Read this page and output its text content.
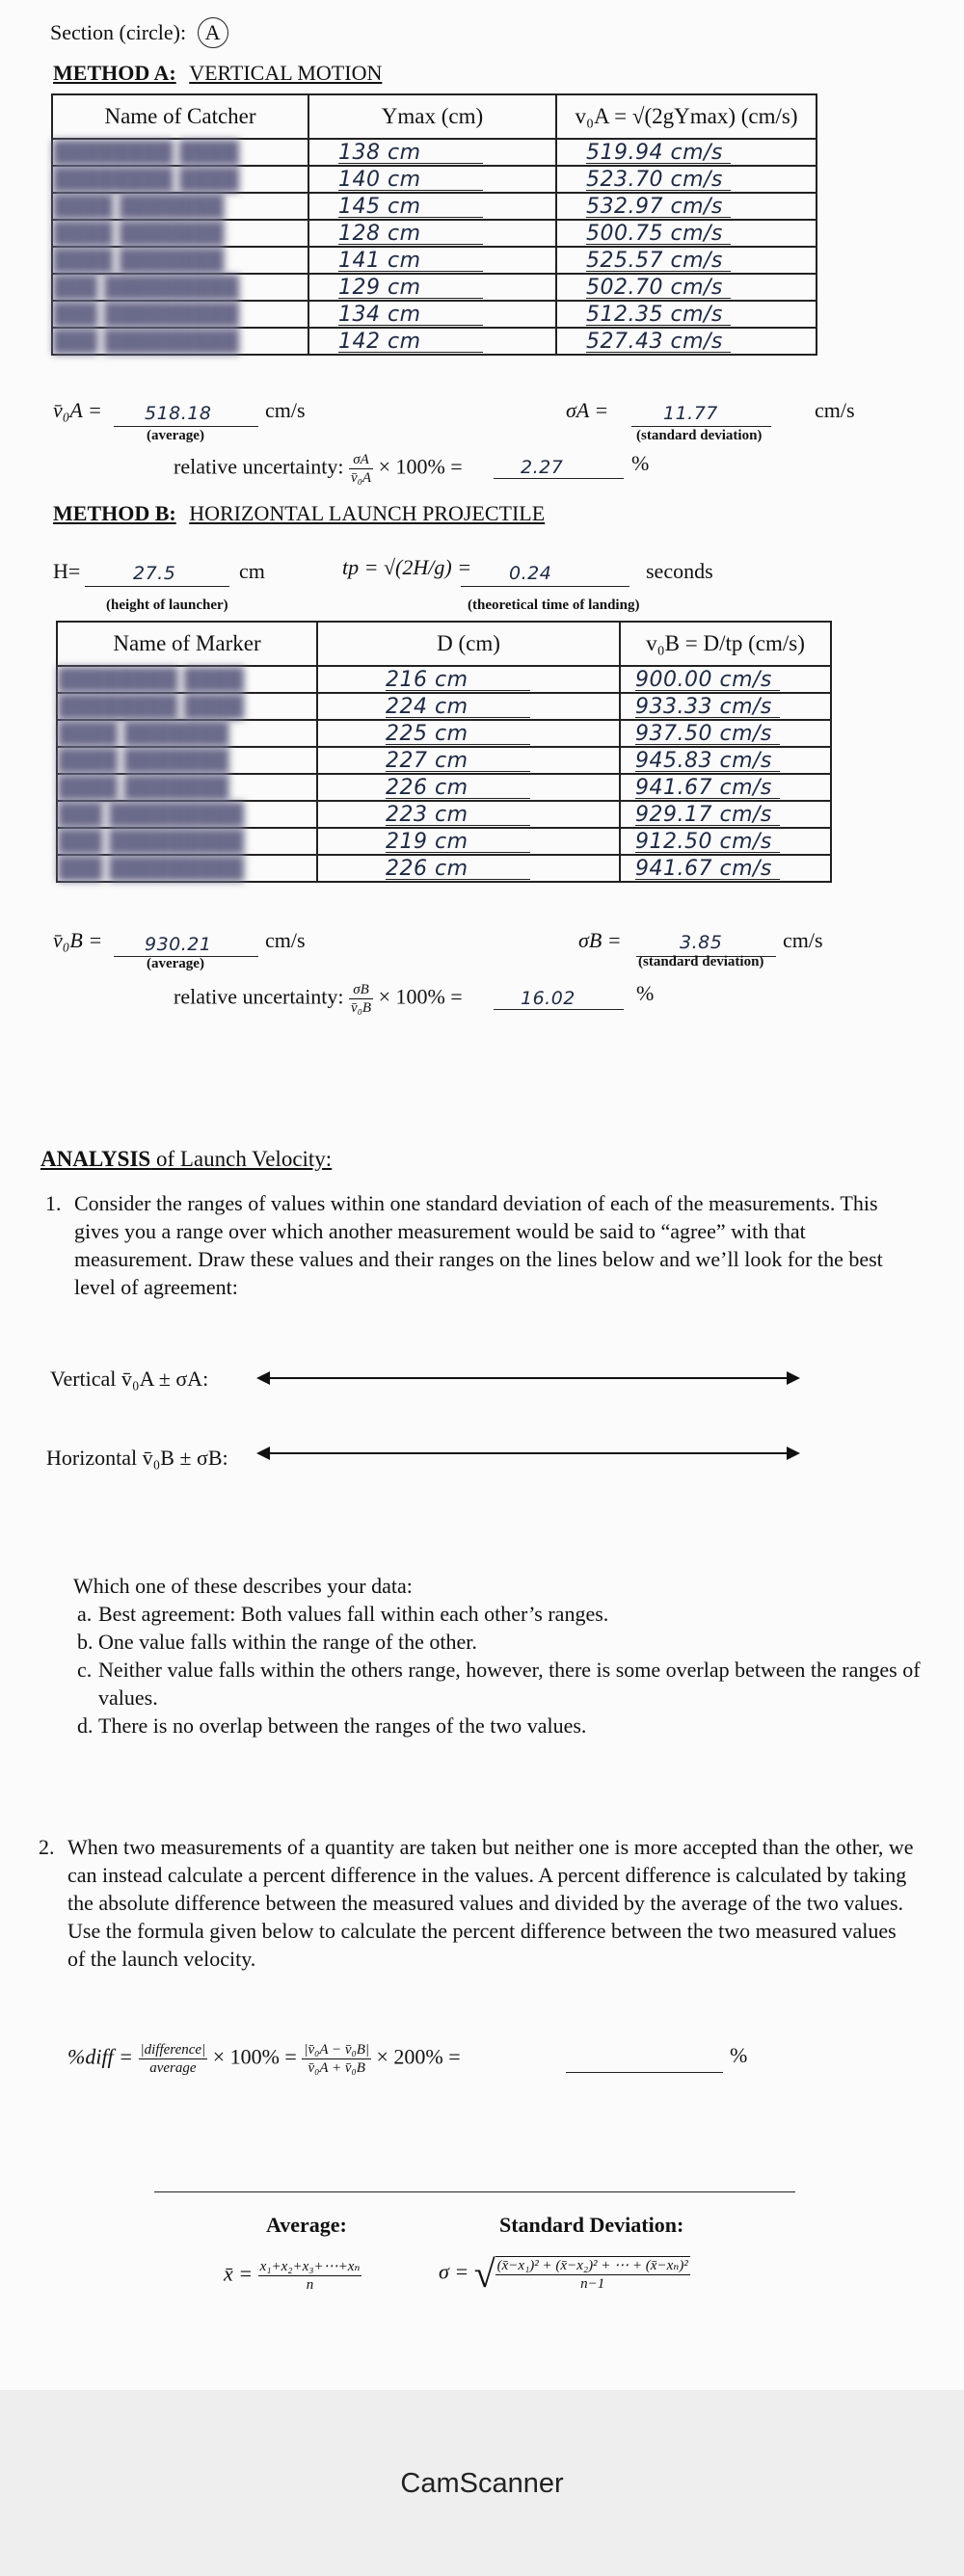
Section (circle): A
METHOD A: VERTICAL MOTION
Name of Catcher	Ymax (cm)	v₀A = √(2gYmax) (cm/s)
████████ ████	138 cm	519.94 cm/s
████████ ████	140 cm	523.70 cm/s
████ ███████	145 cm	532.97 cm/s
████ ███████	128 cm	500.75 cm/s
████ ███████	141 cm	525.57 cm/s
███ █████████	129 cm	502.70 cm/s
███ █████████	134 cm	512.35 cm/s
███ █████████	142 cm	527.43 cm/s
v̄₀A = 518.18	cm/s
(average)
σA =	11.77	cm/s
(standard deviation)
relative uncertainty: $\frac{\sigma A}{\text{v̄₀A}} \times 100\%$ =	2.27	%
METHOD B: HORIZONTAL LAUNCH PROJECTILE
H=	27.5	cm
(height of launcher)
tp = √(2H/g) = 0.24	seconds
(theoretical time of landing)
Name of Marker	D (cm)	v₀B = D/tp (cm/s)
████████ ████	216 cm	900.00 cm/s
████████ ████	224 cm	933.33 cm/s
████ ███████	225 cm	937.50 cm/s
████ ███████	227 cm	945.83 cm/s
████ ███████	226 cm	941.67 cm/s
███ █████████	223 cm	929.17 cm/s
███ █████████	219 cm	912.50 cm/s
███ █████████	226 cm	941.67 cm/s
v̄₀B = 930.21	cm/s
(average)
σB =	3.85	cm/s
(standard deviation)
relative uncertainty: $\frac{\sigma B}{\text{v̄₀B}} \times 100\%$ =	16.02	%
ANALYSIS of Launch Velocity:
1. Consider the ranges of values within one standard deviation of each of the measurements. This gives you a range over which another measurement would be said to “agree” with that measurement. Draw these values and their ranges on the lines below and we’ll look for the best level of agreement:
Vertical v̄₀A ± σA:
Horizontal v̄₀B ± σB:
Which one of these describes your data:
a. Best agreement: Both values fall within each other’s ranges.
b. One value falls within the range of the other.
c. Neither value falls within the others range, however, there is some overlap between the ranges of values.
d. There is no overlap between the ranges of the two values.
2. When two measurements of a quantity are taken but neither one is more accepted than the other, we can instead calculate a percent difference in the values. A percent difference is calculated by taking the absolute difference between the measured values and divided by the average of the two values. Use the formula given below to calculate the percent difference between the two measured values of the launch velocity.
%diff = $\frac{\text{|difference|}}{\text{average}} \times 100\% = \frac{\text{|v̄₀A − v̄₀B|}}{\text{v̄₀A + v̄₀B}} \times 200\%$ =	%
Average:	Standard Deviation:
x̄ = $\frac{\text{x₁+x₂+x₃+⋯+xₙ}}{n}$	σ = √ $\frac{\text{(x̄−x₁)² + (x̄−x₂)² + ⋯ + (x̄−xₙ)²}}{n-1}$
CamScanner
